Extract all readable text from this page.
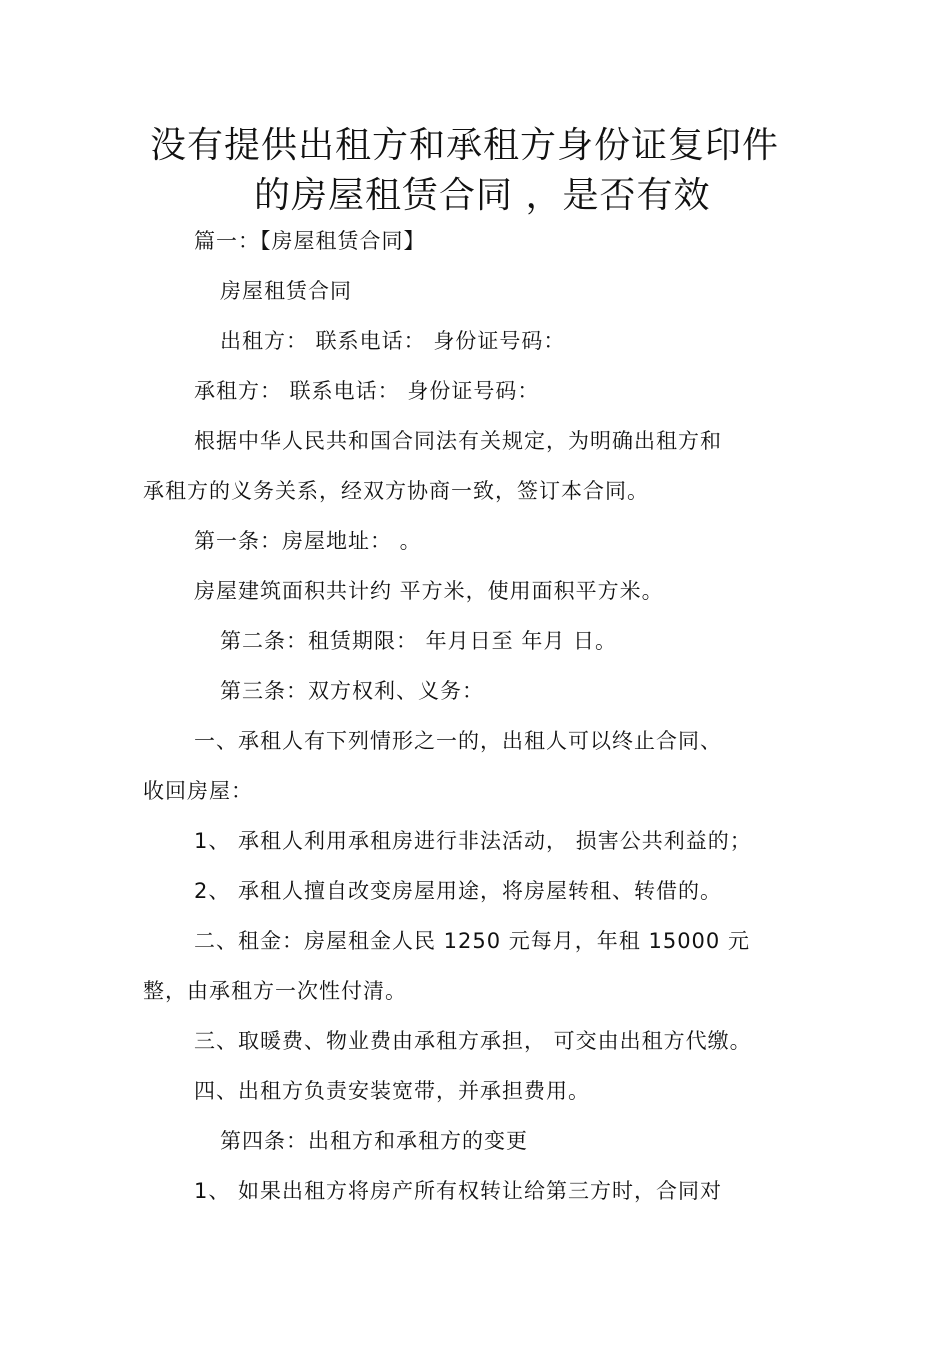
没有提供出租方和承租方身份证复印件
的房屋租赁合同 ，是否有效
篇一：【房屋租赁合同】
房屋租赁合同
出租方： 联系电话： 身份证号码：
承租方： 联系电话： 身份证号码：
根据中华人民共和国合同法有关规定，为明确出租方和
承租方的义务关系，经双方协商一致，签订本合同。
第一条：房屋地址： 。
房屋建筑面积共计约 平方米，使用面积平方米。
第二条：租赁期限： 年月日至 年月 日。
第三条：双方权利、义务：
一、承租人有下列情形之一的，出租人可以终止合同、
收回房屋：
1、 承租人利用承租房进行非法活动， 损害公共利益的；
2、 承租人擅自改变房屋用途，将房屋转租、转借的。
二、租金：房屋租金人民 1250 元每月，年租 15000 元
整，由承租方一次性付清。
三、取暖费、物业费由承租方承担， 可交由出租方代缴。
四、出租方负责安装宽带，并承担费用。
第四条：出租方和承租方的变更
1、 如果出租方将房产所有权转让给第三方时，合同对
